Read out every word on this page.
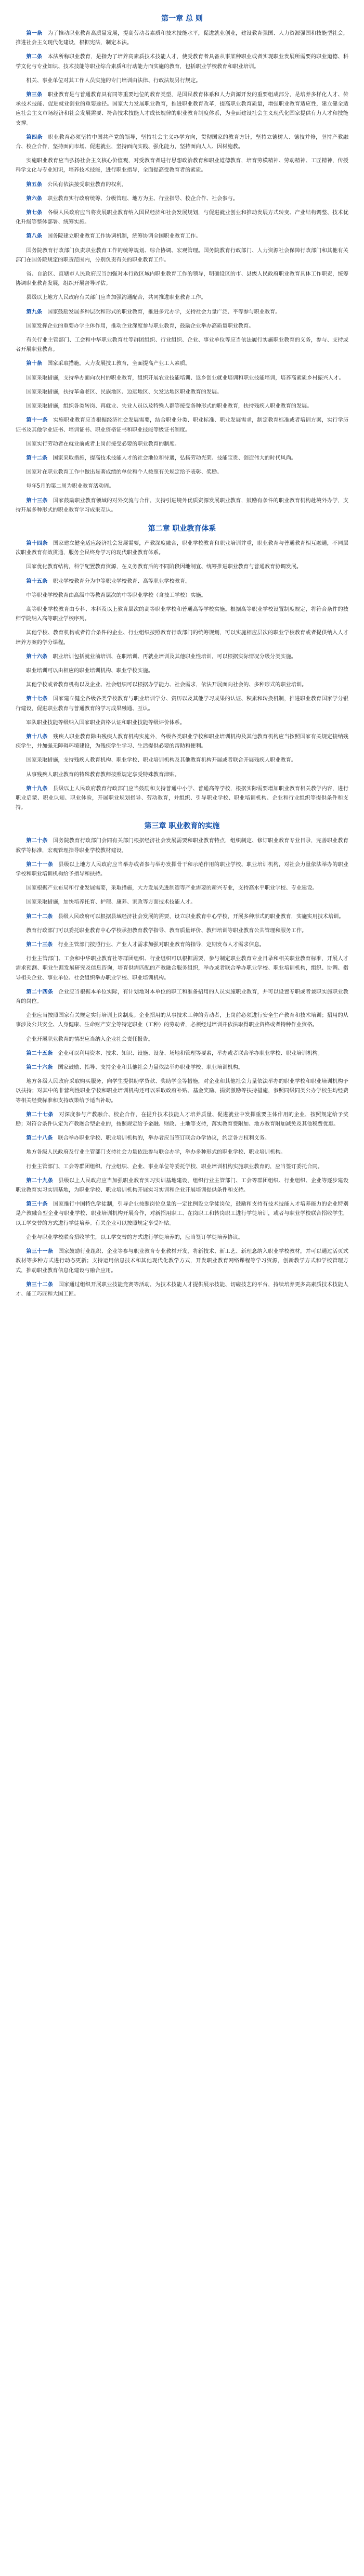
第一章 总 则

第一条  为了推动职业教育高质量发展，提高劳动者素质和技术技能水平，促进就业创业，建设教育强国、人力资源强国和技能型社会，推进社会主义现代化建设，根据宪法，制定本法。

第二条  本法所称职业教育，是指为了培养高素质技术技能人才，使受教育者具备从事某种职业或者实现职业发展所需要的职业道德、科学文化与专业知识、技术技能等职业综合素质和行动能力而实施的教育，包括职业学校教育和职业培训。

机关、事业单位对其工作人员实施的专门培训由法律、行政法规另行规定。

第三条  职业教育是与普通教育具有同等重要地位的教育类型，是国民教育体系和人力资源开发的重要组成部分，是培养多样化人才、传承技术技能、促进就业创业的重要途径。国家大力发展职业教育，推进职业教育改革，提高职业教育质量，增强职业教育适应性，建立健全适应社会主义市场经济和社会发展需要、符合技术技能人才成长规律的职业教育制度体系，为全面建设社会主义现代化国家提供有力人才和技能支撑。

第四条  职业教育必须坚持中国共产党的领导，坚持社会主义办学方向，贯彻国家的教育方针，坚持立德树人、德技并修，坚持产教融合、校企合作，坚持面向市场、促进就业，坚持面向实践、强化能力，坚持面向人人、因材施教。

实施职业教育应当弘扬社会主义核心价值观，对受教育者进行思想政治教育和职业道德教育，培育劳模精神、劳动精神、工匠精神，传授科学文化与专业知识，培养技术技能，进行职业指导，全面提高受教育者的素质。

第五条  公民有依法接受职业教育的权利。

第六条  职业教育实行政府统筹、分级管理、地方为主、行业指导、校企合作、社会参与。

第七条  各级人民政府应当将发展职业教育纳入国民经济和社会发展规划，与促进就业创业和推动发展方式转变、产业结构调整、技术优化升级等整体部署、统筹实施。

第八条  国务院建立职业教育工作协调机制，统筹协调全国职业教育工作。

国务院教育行政部门负责职业教育工作的统筹规划、综合协调、宏观管理。国务院教育行政部门、人力资源社会保障行政部门和其他有关部门在国务院规定的职责范围内，分别负责有关的职业教育工作。

省、自治区、直辖市人民政府应当加强对本行政区域内职业教育工作的领导，明确设区的市、县级人民政府职业教育具体工作职责，统筹协调职业教育发展，组织开展督导评估。

县级以上地方人民政府有关部门应当加强沟通配合，共同推进职业教育工作。

第九条  国家鼓励发展多种层次和形式的职业教育，推进多元办学，支持社会力量广泛、平等参与职业教育。

国家发挥企业的重要办学主体作用，推动企业深度参与职业教育，鼓励企业举办高质量职业教育。

有关行业主管部门、工会和中华职业教育社等群团组织、行业组织、企业、事业单位等应当依法履行实施职业教育的义务，参与、支持或者开展职业教育。

第十条  国家采取措施，大力发展技工教育，全面提高产业工人素质。

国家采取措施，支持举办面向农村的职业教育，组织开展农业技能培训、返乡创业就业培训和职业技能培训，培养高素质乡村振兴人才。

国家采取措施，扶持革命老区、民族地区、边远地区、欠发达地区职业教育的发展。

国家采取措施，组织各类转岗、再就业、失业人员以及特殊人群等接受各种形式的职业教育，扶持残疾人职业教育的发展。

第十一条  实施职业教育应当根据经济社会发展需要，结合职业分类、职业标准、职业发展需求，制定教育标准或者培训方案，实行学历证书及其他学业证书、培训证书、职业资格证书和职业技能等级证书制度。

国家实行劳动者在就业前或者上岗前接受必要的职业教育的制度。

第十二条  国家采取措施，提高技术技能人才的社会地位和待遇，弘扬劳动光荣、技能宝贵、创造伟大的时代风尚。

国家对在职业教育工作中做出显著成绩的单位和个人按照有关规定给予表彰、奖励。

每年5月的第二周为职业教育活动周。

第十三条  国家鼓励职业教育领域的对外交流与合作，支持引进境外优质资源发展职业教育，鼓励有条件的职业教育机构赴境外办学，支持开展多种形式的职业教育学习成果互认。

第二章 职业教育体系

第十四条  国家建立健全适应经济社会发展需要，产教深度融合，职业学校教育和职业培训并重，职业教育与普通教育相互融通，不同层次职业教育有效贯通，服务全民终身学习的现代职业教育体系。

国家优化教育结构，科学配置教育资源，在义务教育后的不同阶段因地制宜、统筹推进职业教育与普通教育协调发展。

第十五条  职业学校教育分为中等职业学校教育、高等职业学校教育。

中等职业学校教育由高级中等教育层次的中等职业学校（含技工学校）实施。

高等职业学校教育由专科、本科及以上教育层次的高等职业学校和普通高等学校实施。根据高等职业学校设置制度规定，将符合条件的技师学院纳入高等职业学校序列。

其他学校、教育机构或者符合条件的企业、行业组织按照教育行政部门的统筹规划，可以实施相应层次的职业学校教育或者提供纳入人才培养方案的学分课程。

第十六条  职业培训包括就业前培训、在职培训、再就业培训及其他职业性培训，可以根据实际情况分级分类实施。

职业培训可以由相应的职业培训机构、职业学校实施。

其他学校或者教育机构以及企业、社会组织可以根据办学能力、社会需求，依法开展面向社会的、多种形式的职业培训。

第十七条  国家建立健全各级各类学校教育与职业培训学分、资历以及其他学习成果的认证、积累和转换机制，推进职业教育国家学分银行建设，促进职业教育与普通教育的学习成果融通、互认。

军队职业技能等级纳入国家职业资格认证和职业技能等级评价体系。

第十八条  残疾人职业教育除由残疾人教育机构实施外，各级各类职业学校和职业培训机构及其他教育机构应当按照国家有关规定接纳残疾学生，并加强无障碍环境建设，为残疾学生学习、生活提供必要的帮助和便利。

国家采取措施，支持残疾人教育机构、职业学校、职业培训机构及其他教育机构开展或者联合开展残疾人职业教育。

从事残疾人职业教育的特殊教育教师按照规定享受特殊教育津贴。

第十九条  县级以上人民政府教育行政部门应当鼓励和支持普通中小学、普通高等学校，根据实际需要增加职业教育相关教学内容，进行职业启蒙、职业认知、职业体验，开展职业规划指导、劳动教育，并组织、引导职业学校、职业培训机构、企业和行业组织等提供条件和支持。

第三章 职业教育的实施

第二十条  国务院教育行政部门会同有关部门根据经济社会发展需要和职业教育特点，组织制定、修订职业教育专业目录，完善职业教育教学等标准，宏观管理指导职业学校教材建设。

第二十一条  县级以上地方人民政府应当举办或者参与举办发挥骨干和示范作用的职业学校、职业培训机构，对社会力量依法举办的职业学校和职业培训机构给予指导和扶持。

国家根据产业布局和行业发展需要，采取措施，大力发展先进制造等产业需要的新兴专业，支持高水平职业学校、专业建设。

国家采取措施，加快培养托育、护理、康养、家政等方面技术技能人才。

第二十二条  县级人民政府可以根据县域经济社会发展的需要，设立职业教育中心学校，开展多种形式的职业教育，实施实用技术培训。

教育行政部门可以委托职业教育中心学校承担教育教学指导、教育质量评价、教师培训等职业教育公共管理和服务工作。

第二十三条  行业主管部门按照行业、产业人才需求加强对职业教育的指导，定期发布人才需求信息。

行业主管部门、工会和中华职业教育社等群团组织、行业组织可以根据需要，参与制定职业教育专业目录和相关职业教育标准，开展人才需求预测、职业生涯发展研究及信息咨询，培育供需匹配的产教融合服务组织，举办或者联合举办职业学校、职业培训机构，组织、协调、指导相关企业、事业单位、社会组织举办职业学校、职业培训机构。

第二十四条  企业应当根据本单位实际，有计划地对本单位的职工和准备招用的人员实施职业教育，并可以设置专职或者兼职实施职业教育的岗位。

企业应当按照国家有关规定实行培训上岗制度。企业招用的从事技术工种的劳动者，上岗前必须进行安全生产教育和技术培训；招用的从事涉及公共安全、人身健康、生命财产安全等特定职业（工种）的劳动者，必须经过培训并依法取得职业资格或者特种作业资格。

企业开展职业教育的情况应当纳入企业社会责任报告。

第二十五条  企业可以利用资本、技术、知识、设施、设备、场地和管理等要素，举办或者联合举办职业学校、职业培训机构。

第二十六条  国家鼓励、指导、支持企业和其他社会力量依法举办职业学校、职业培训机构。

地方各级人民政府采取购买服务，向学生提供助学贷款、奖助学金等措施，对企业和其他社会力量依法举办的职业学校和职业培训机构予以扶持；对其中的非营利性职业学校和职业培训机构还可以采取政府补贴、基金奖励、捐资激励等扶持措施，参照同级同类公办学校生均经费等相关经费标准和支持政策给予适当补助。

第二十七条  对深度参与产教融合、校企合作，在提升技术技能人才培养质量、促进就业中发挥重要主体作用的企业，按照规定给予奖励；对符合条件认定为产教融合型企业的，按照规定给予金融、财政、土地等支持，落实教育费附加、地方教育附加减免及其他税费优惠。

第二十八条  联合举办职业学校、职业培训机构的，举办者应当签订联合办学协议，约定各方权利义务。

地方各级人民政府及行业主管部门支持社会力量依法参与联合办学，举办多种形式的职业学校、职业培训机构。

行业主管部门、工会等群团组织、行业组织、企业、事业单位等委托学校、职业培训机构实施职业教育的，应当签订委托合同。

第二十九条  县级以上人民政府应当加强职业教育实习实训基地建设，组织行业主管部门、工会等群团组织、行业组织、企业等逐步建设职业教育实习实训基地，为职业学校、职业培训机构开展实习实训和企业开展培训提供条件和支持。

第三十条  国家推行中国特色学徒制，引导企业按照岗位总量的一定比例设立学徒岗位，鼓励和支持有技术技能人才培养能力的企业特别是产教融合型企业与职业学校、职业培训机构开展合作，对新招用职工、在岗职工和转岗职工进行学徒培训，或者与职业学校联合招收学生，以工学交替的方式进行学徒培养。有关企业可以按照规定享受补贴。

企业与职业学校联合招收学生，以工学交替的方式进行学徒培养的，应当签订学徒培养协议。

第三十一条  国家鼓励行业组织、企业等参与职业教育专业教材开发，将新技术、新工艺、新理念纳入职业学校教材，并可以通过活页式教材等多种方式进行动态更新；支持运用信息技术和其他现代化教学方式，开发职业教育网络课程等学习资源，创新教学方式和学校管理方式，推动职业教育信息化建设与融合应用。

第三十二条  国家通过组织开展职业技能竞赛等活动，为技术技能人才提供展示技能、切磋技艺的平台，持续培养更多高素质技术技能人才、能工巧匠和大国工匠。
